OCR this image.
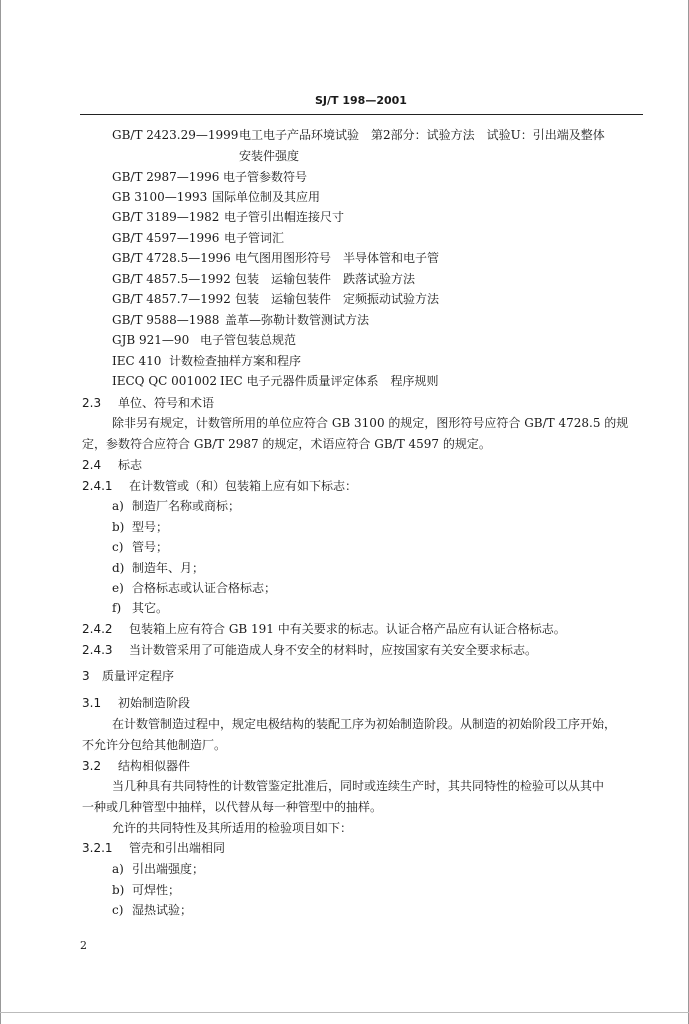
SJ/T 198—2001
GB/T 2423.29—1999 电工电子产品环境试验　第2部分：试验方法　试验U：引出端及整体
安装件强度
GB/T 2987—1996 电子管参数符号
GB 3100—1993 国际单位制及其应用
GB/T 3189—1982 电子管引出帽连接尺寸
GB/T 4597—1996 电子管词汇
GB/T 4728.5—1996 电气图用图形符号　半导体管和电子管
GB/T 4857.5—1992 包装　运输包装件　跌落试验方法
GB/T 4857.7—1992 包装　运输包装件　定频振动试验方法
GB/T 9588—1988 盖革—弥勒计数管测试方法
GJB 921—90 电子管包装总规范
IEC 410 计数检查抽样方案和程序
IECQ QC 001002 IEC 电子元器件质量评定体系　程序规则
2.3 单位、符号和术语
除非另有规定，计数管所用的单位应符合 GB 3100 的规定，图形符号应符合 GB/T 4728.5 的规
定，参数符合应符合 GB/T 2987 的规定，术语应符合 GB/T 4597 的规定。
2.4 标志
2.4.1 在计数管或（和）包装箱上应有如下标志：
a) 制造厂名称或商标；
b) 型号；
c) 管号；
d) 制造年、月；
e) 合格标志或认证合格标志；
f) 其它。
2.4.2 包装箱上应有符合 GB 191 中有关要求的标志。认证合格产品应有认证合格标志。
2.4.3 当计数管采用了可能造成人身不安全的材料时，应按国家有关安全要求标志。
3 质量评定程序
3.1 初始制造阶段
在计数管制造过程中，规定电极结构的装配工序为初始制造阶段。从制造的初始阶段工序开始，
不允许分包给其他制造厂。
3.2 结构相似器件
当几种具有共同特性的计数管鉴定批准后，同时或连续生产时，其共同特性的检验可以从其中
一种或几种管型中抽样，以代替从每一种管型中的抽样。
允许的共同特性及其所适用的检验项目如下：
3.2.1 管壳和引出端相同
a) 引出端强度；
b) 可焊性；
c) 湿热试验；
2
